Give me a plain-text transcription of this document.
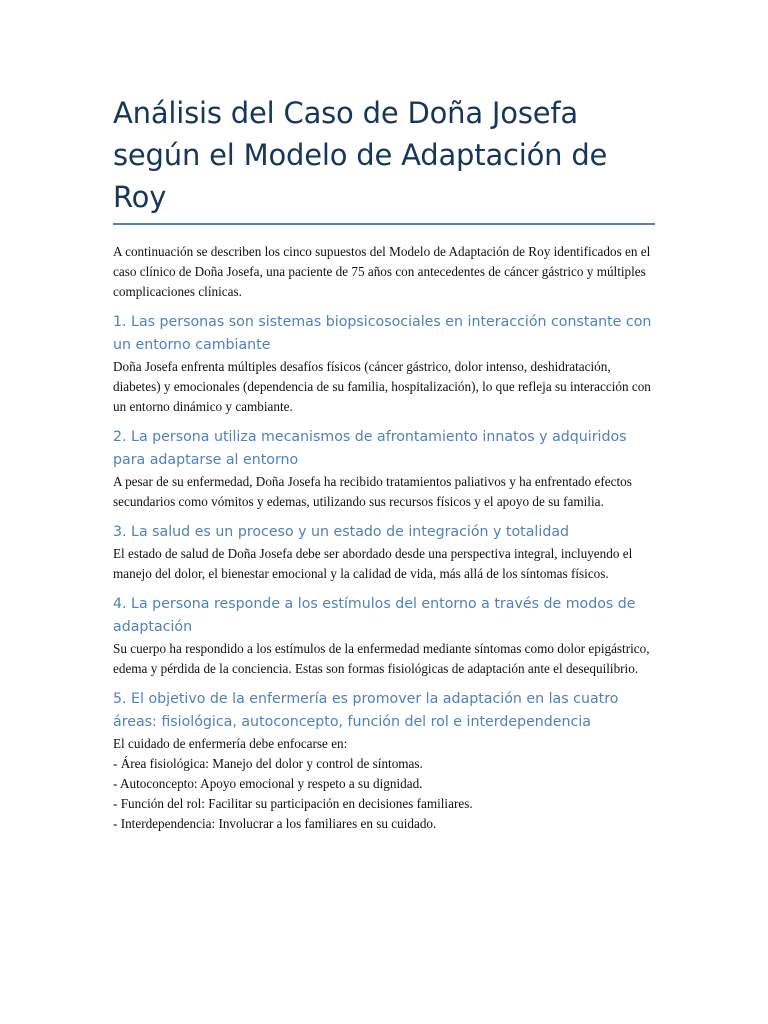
Análisis del Caso de Doña Josefa según el Modelo de Adaptación de Roy

A continuación se describen los cinco supuestos del Modelo de Adaptación de Roy identificados en el caso clínico de Doña Josefa, una paciente de 75 años con antecedentes de cáncer gástrico y múltiples complicaciones clínicas.

1. Las personas son sistemas biopsicosociales en interacción constante con un entorno cambiante

Doña Josefa enfrenta múltiples desafíos físicos (cáncer gástrico, dolor intenso, deshidratación, diabetes) y emocionales (dependencia de su familia, hospitalización), lo que refleja su interacción con un entorno dinámico y cambiante.

2. La persona utiliza mecanismos de afrontamiento innatos y adquiridos para adaptarse al entorno

A pesar de su enfermedad, Doña Josefa ha recibido tratamientos paliativos y ha enfrentado efectos secundarios como vómitos y edemas, utilizando sus recursos físicos y el apoyo de su familia.

3. La salud es un proceso y un estado de integración y totalidad

El estado de salud de Doña Josefa debe ser abordado desde una perspectiva integral, incluyendo el manejo del dolor, el bienestar emocional y la calidad de vida, más allá de los síntomas físicos.

4. La persona responde a los estímulos del entorno a través de modos de adaptación

Su cuerpo ha respondido a los estímulos de la enfermedad mediante síntomas como dolor epigástrico, edema y pérdida de la conciencia. Estas son formas fisiológicas de adaptación ante el desequilibrio.

5. El objetivo de la enfermería es promover la adaptación en las cuatro áreas: fisiológica, autoconcepto, función del rol e interdependencia

El cuidado de enfermería debe enfocarse en:

- Área fisiológica: Manejo del dolor y control de síntomas.
- Autoconcepto: Apoyo emocional y respeto a su dignidad.
- Función del rol: Facilitar su participación en decisiones familiares.
- Interdependencia: Involucrar a los familiares en su cuidado.
